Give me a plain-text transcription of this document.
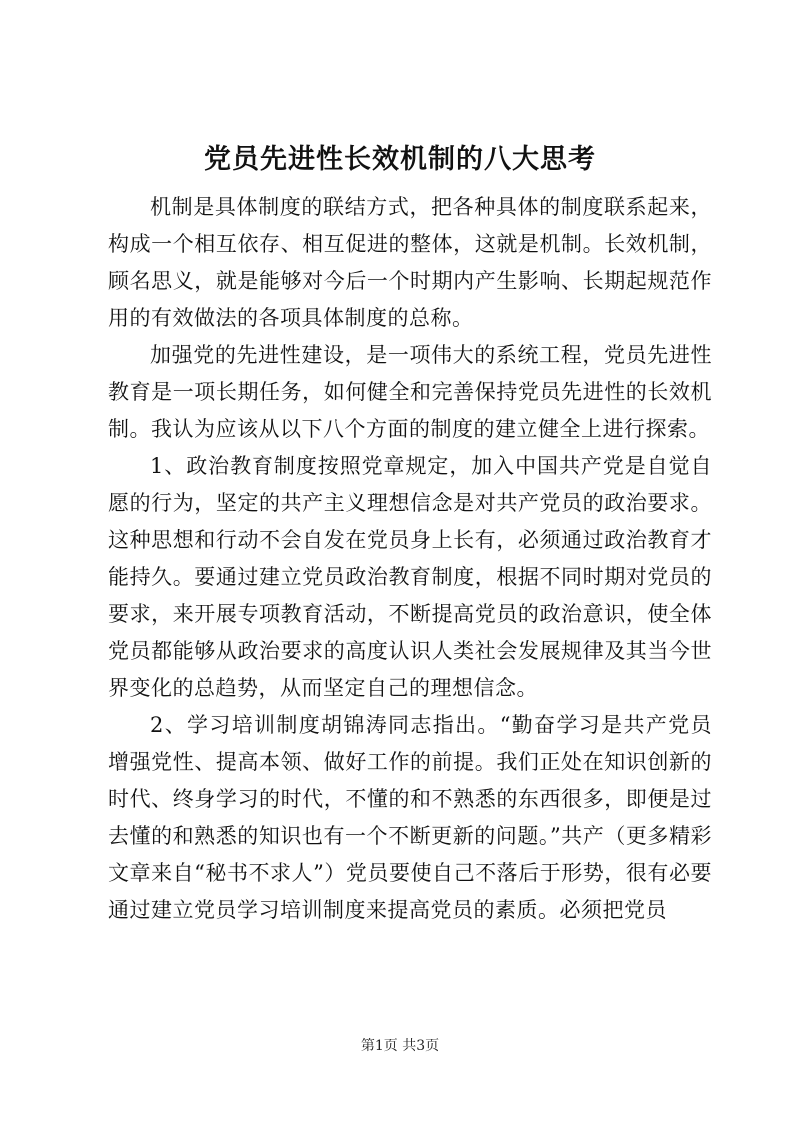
党员先进性长效机制的八大思考

机制是具体制度的联结方式，把各种具体的制度联系起来，构成一个相互依存、相互促进的整体，这就是机制。长效机制，顾名思义，就是能够对今后一个时期内产生影响、长期起规范作用的有效做法的各项具体制度的总称。

加强党的先进性建设，是一项伟大的系统工程，党员先进性教育是一项长期任务，如何健全和完善保持党员先进性的长效机制。我认为应该从以下八个方面的制度的建立健全上进行探索。

1、政治教育制度按照党章规定，加入中国共产党是自觉自愿的行为，坚定的共产主义理想信念是对共产党员的政治要求。这种思想和行动不会自发在党员身上长有，必须通过政治教育才能持久。要通过建立党员政治教育制度，根据不同时期对党员的要求，来开展专项教育活动，不断提高党员的政治意识，使全体党员都能够从政治要求的高度认识人类社会发展规律及其当今世界变化的总趋势，从而坚定自己的理想信念。

2、学习培训制度胡锦涛同志指出。“勤奋学习是共产党员增强党性、提高本领、做好工作的前提。我们正处在知识创新的时代、终身学习的时代，不懂的和不熟悉的东西很多，即便是过去懂的和熟悉的知识也有一个不断更新的问题。”共产（更多精彩文章来自“秘书不求人”）党员要使自己不落后于形势，很有必要通过建立党员学习培训制度来提高党员的素质。必须把党员

第1页 共3页
